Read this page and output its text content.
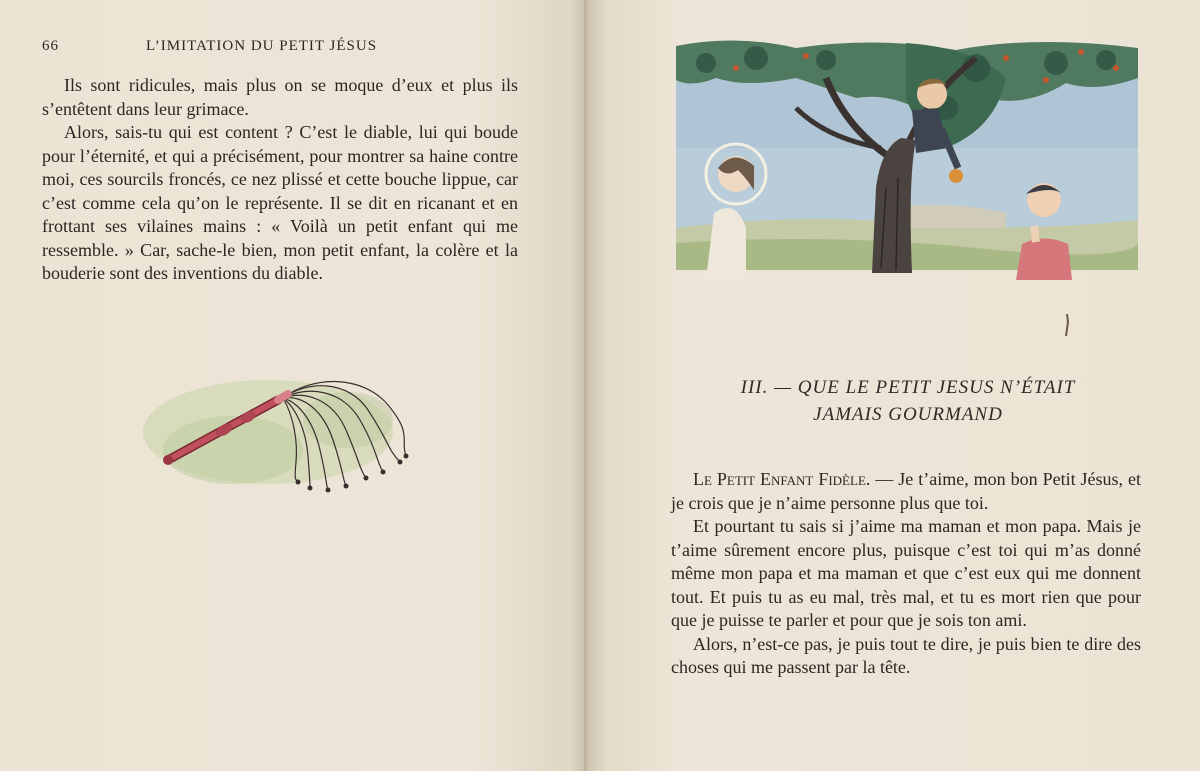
66	L’IMITATION DU PETIT JÉSUS

Ils sont ridicules, mais plus on se moque d’eux et plus ils s’entêtent dans leur grimace.

Alors, sais-tu qui est content ? C’est le diable, lui qui boude pour l’éternité, et qui a précisément, pour montrer sa haine contre moi, ces sourcils froncés, ce nez plissé et cette bouche lippue, car c’est comme cela qu’on le représente. Il se dit en ricanant et en frottant ses vilaines mains : « Voilà un petit enfant qui me ressemble. » Car, sache-le bien, mon petit enfant, la colère et la bouderie sont des inventions du diable.

III. — QUE LE PETIT JESUS N’ÉTAIT
JAMAIS GOURMAND

Le Petit Enfant Fidèle. — Je t’aime, mon bon Petit Jésus, et je crois que je n’aime personne plus que toi.

Et pourtant tu sais si j’aime ma maman et mon papa. Mais je t’aime sûrement encore plus, puisque c’est toi qui m’as donné même mon papa et ma maman et que c’est eux qui me donnent tout. Et puis tu as eu mal, très mal, et tu es mort rien que pour que je puisse te parler et pour que je sois ton ami.

Alors, n’est-ce pas, je puis tout te dire, je puis bien te dire des choses qui me passent par la tête.
